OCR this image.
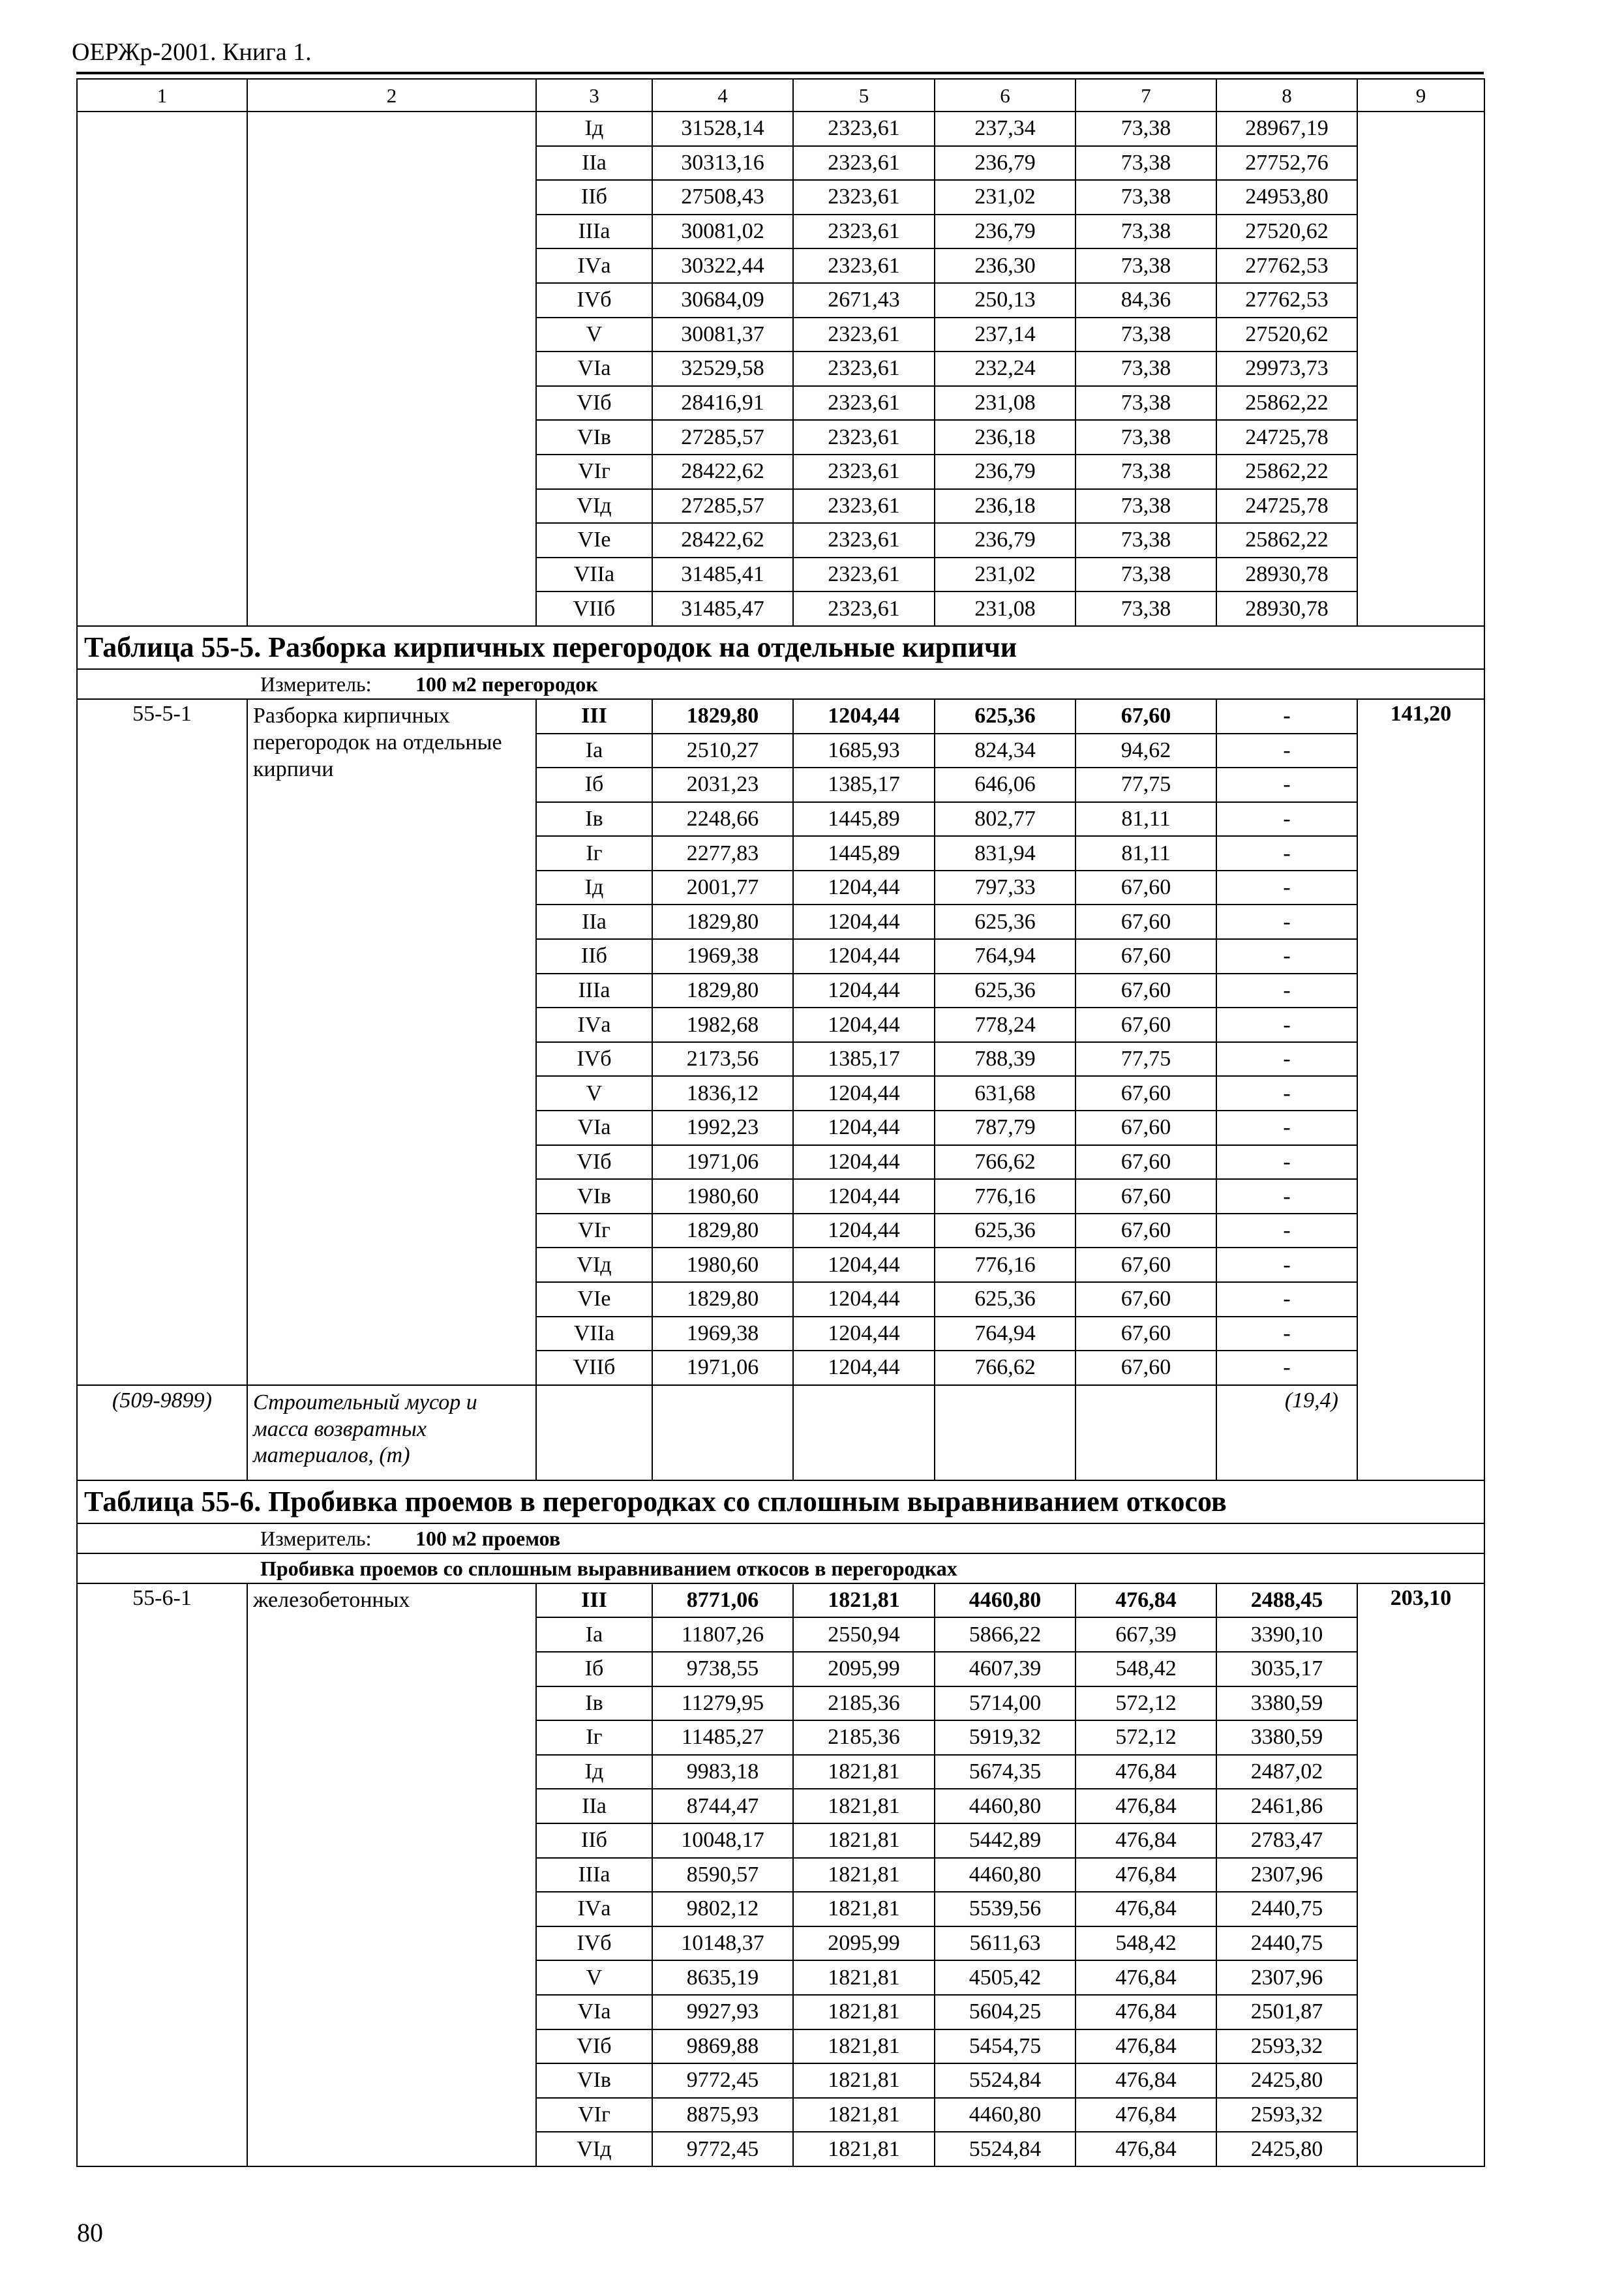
ОЕРЖр-2001. Книга 1.
1	2	3	4	5	6	7	8	9
		Iд	31528,14	2323,61	237,34	73,38	28967,19	
		IIа	30313,16	2323,61	236,79	73,38	27752,76	
		IIб	27508,43	2323,61	231,02	73,38	24953,80	
		IIIа	30081,02	2323,61	236,79	73,38	27520,62	
		IVа	30322,44	2323,61	236,30	73,38	27762,53	
		IVб	30684,09	2671,43	250,13	84,36	27762,53	
		V	30081,37	2323,61	237,14	73,38	27520,62	
		VIа	32529,58	2323,61	232,24	73,38	29973,73	
		VIб	28416,91	2323,61	231,08	73,38	25862,22	
		VIв	27285,57	2323,61	236,18	73,38	24725,78	
		VIг	28422,62	2323,61	236,79	73,38	25862,22	
		VIд	27285,57	2323,61	236,18	73,38	24725,78	
		VIе	28422,62	2323,61	236,79	73,38	25862,22	
		VIIа	31485,41	2323,61	231,02	73,38	28930,78	
		VIIб	31485,47	2323,61	231,08	73,38	28930,78	
Таблица 55-5. Разборка кирпичных перегородок на отдельные кирпичи								
Измеритель: 100 м2 перегородок								
55-5-1	Разборка кирпичных перегородок на отдельные кирпичи	III	1829,80	1204,44	625,36	67,60	-	141,20
		Iа	2510,27	1685,93	824,34	94,62	-	
		Iб	2031,23	1385,17	646,06	77,75	-	
		Iв	2248,66	1445,89	802,77	81,11	-	
		Iг	2277,83	1445,89	831,94	81,11	-	
		Iд	2001,77	1204,44	797,33	67,60	-	
		IIа	1829,80	1204,44	625,36	67,60	-	
		IIб	1969,38	1204,44	764,94	67,60	-	
		IIIа	1829,80	1204,44	625,36	67,60	-	
		IVа	1982,68	1204,44	778,24	67,60	-	
		IVб	2173,56	1385,17	788,39	77,75	-	
		V	1836,12	1204,44	631,68	67,60	-	
		VIа	1992,23	1204,44	787,79	67,60	-	
		VIб	1971,06	1204,44	766,62	67,60	-	
		VIв	1980,60	1204,44	776,16	67,60	-	
		VIг	1829,80	1204,44	625,36	67,60	-	
		VIд	1980,60	1204,44	776,16	67,60	-	
		VIе	1829,80	1204,44	625,36	67,60	-	
		VIIа	1969,38	1204,44	764,94	67,60	-	
		VIIб	1971,06	1204,44	766,62	67,60	-	
(509-9899)	Строительный мусор и масса возвратных материалов, (т)						(19,4)	

Таблица 55-6. Пробивка проемов в перегородках со сплошным выравниванием откосов								
Измеритель: 100 м2 проемов								
Пробивка проемов со сплошным выравниванием откосов в перегородках								
55-6-1	железобетонных	III	8771,06	1821,81	4460,80	476,84	2488,45	203,10
		Iа	11807,26	2550,94	5866,22	667,39	3390,10	
		Iб	9738,55	2095,99	4607,39	548,42	3035,17	
		Iв	11279,95	2185,36	5714,00	572,12	3380,59	
		Iг	11485,27	2185,36	5919,32	572,12	3380,59	
		Iд	9983,18	1821,81	5674,35	476,84	2487,02	
		IIа	8744,47	1821,81	4460,80	476,84	2461,86	
		IIб	10048,17	1821,81	5442,89	476,84	2783,47	
		IIIа	8590,57	1821,81	4460,80	476,84	2307,96	
		IVа	9802,12	1821,81	5539,56	476,84	2440,75	
		IVб	10148,37	2095,99	5611,63	548,42	2440,75	
		V	8635,19	1821,81	4505,42	476,84	2307,96	
		VIа	9927,93	1821,81	5604,25	476,84	2501,87	
		VIб	9869,88	1821,81	5454,75	476,84	2593,32	
		VIв	9772,45	1821,81	5524,84	476,84	2425,80	
		VIг	8875,93	1821,81	4460,80	476,84	2593,32	
		VIд	9772,45	1821,81	5524,84	476,84	2425,80	
80
